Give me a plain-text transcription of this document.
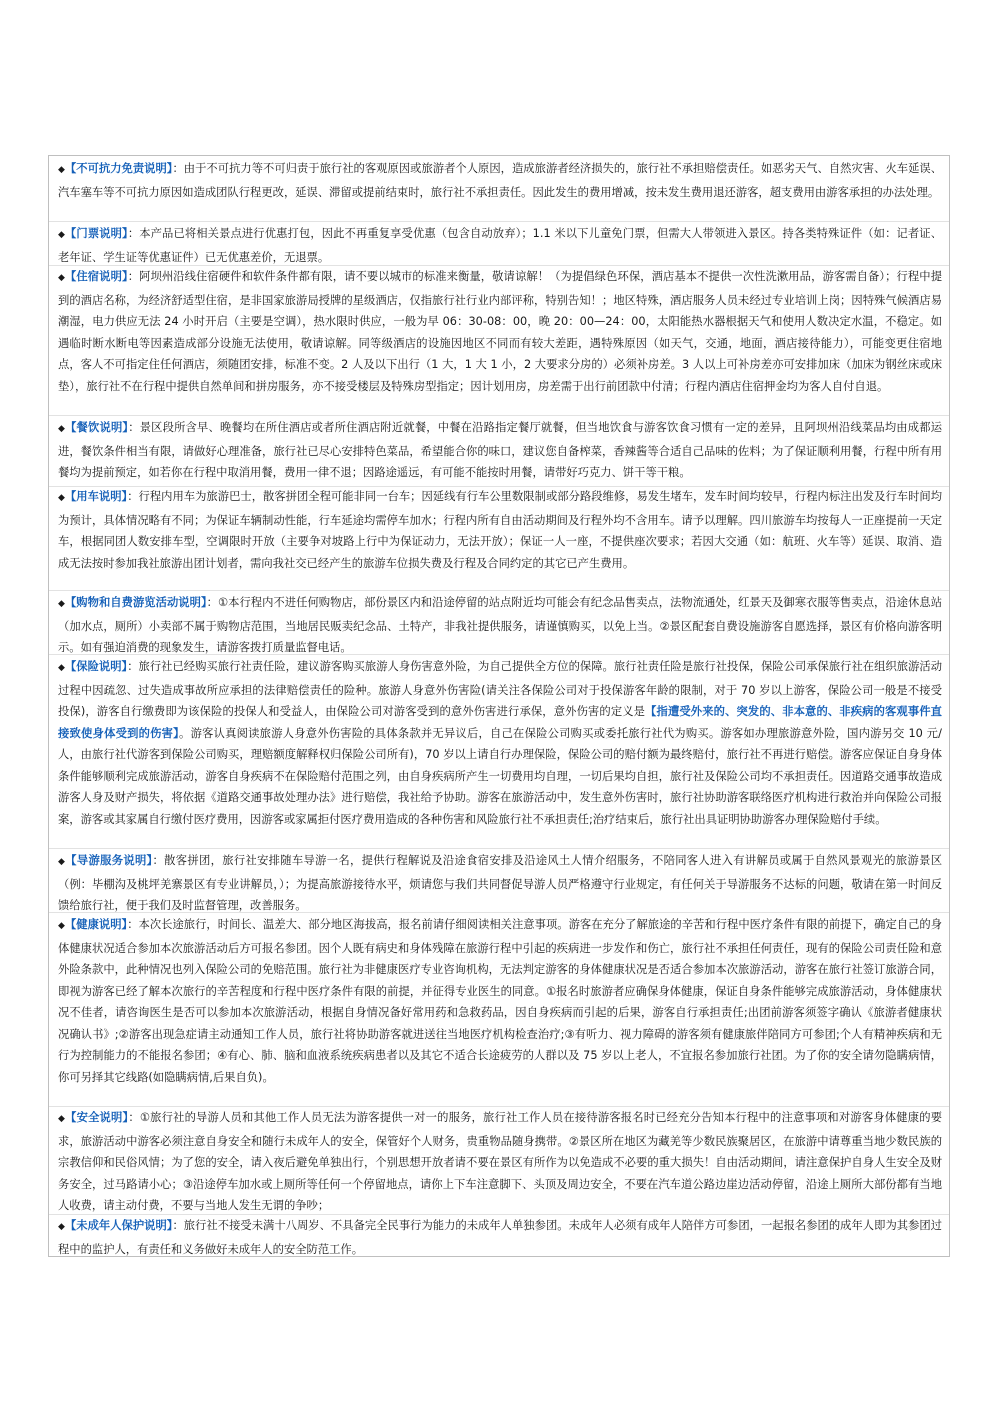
◆【不可抗力免责说明】：由于不可抗力等不可归责于旅行社的客观原因或旅游者个人原因，造成旅游者经济损失的，旅行社不承担赔偿责任。如恶劣天气、自然灾害、火车延误、汽车塞车等不可抗力原因如造成团队行程更改，延误、滞留或提前结束时，旅行社不承担责任。因此发生的费用增减，按未发生费用退还游客，超支费用由游客承担的办法处理。

◆【门票说明】：本产品已将相关景点进行优惠打包，因此不再重复享受优惠（包含自动放弃）；1.1 米以下儿童免门票，但需大人带领进入景区。持各类特殊证件（如：记者证、老年证、学生证等优惠证件）已无优惠差价，无退票。

◆【住宿说明】：阿坝州沿线住宿硬件和软件条件都有限，请不要以城市的标准来衡量，敬请谅解！（为提倡绿色环保，酒店基本不提供一次性洗漱用品，游客需自备）；行程中提到的酒店名称，为经济舒适型住宿，是非国家旅游局授牌的星级酒店，仅指旅行社行业内部评称，特别告知！；地区特殊，酒店服务人员未经过专业培训上岗；因特殊气候酒店易潮湿，电力供应无法 24 小时开启（主要是空调），热水限时供应，一般为早 06：30-08：00，晚 20：00—24：00，太阳能热水器根据天气和使用人数决定水温，不稳定。如遇临时断水断电等因素造成部分设施无法使用，敬请谅解。同等级酒店的设施因地区不同而有较大差距，遇特殊原因（如天气，交通，地面，酒店接待能力），可能变更住宿地点，客人不可指定住任何酒店，须随团安排，标准不变。2 人及以下出行（1 大，1 大 1 小，2 大要求分房的）必须补房差。3 人以上可补房差亦可安排加床（加床为钢丝床或床垫），旅行社不在行程中提供自然单间和拼房服务，亦不接受楼层及特殊房型指定；因计划用房，房差需于出行前团款中付清；行程内酒店住宿押金均为客人自付自退。

◆【餐饮说明】：景区段所含早、晚餐均在所住酒店或者所住酒店附近就餐，中餐在沿路指定餐厅就餐，但当地饮食与游客饮食习惯有一定的差异，且阿坝州沿线菜品均由成都运进，餐饮条件相当有限，请做好心理准备，旅行社已尽心安排特色菜品，希望能合你的味口，建议您自备榨菜，香辣酱等合适自己品味的佐料；为了保证顺利用餐，行程中所有用餐均为提前预定，如若你在行程中取消用餐，费用一律不退；因路途遥远，有可能不能按时用餐，请带好巧克力、饼干等干粮。

◆【用车说明】：行程内用车为旅游巴士，散客拼团全程可能非同一台车；因延线有行车公里数限制或部分路段维修，易发生堵车，发车时间均较早，行程内标注出发及行车时间均为预计，具体情况略有不同；为保证车辆制动性能，行车延途均需停车加水；行程内所有自由活动期间及行程外均不含用车。请予以理解。四川旅游车均按每人一正座提前一天定车，根据同团人数安排车型，空调限时开放（主要争对坡路上行中为保证动力，无法开放）；保证一人一座，不提供座次要求；若因大交通（如：航班、火车等）延误、取消、造成无法按时参加我社旅游出团计划者，需向我社交已经产生的旅游车位损失费及行程及合同约定的其它已产生费用。

◆【购物和自费游览活动说明】：①本行程内不进任何购物店，部份景区内和沿途停留的站点附近均可能会有纪念品售卖点，法物流通处，红景天及御寒衣服等售卖点，沿途休息站（加水点，厕所）小卖部不属于购物店范围，当地居民贩卖纪念品、土特产，非我社提供服务，请谨慎购买，以免上当。②景区配套自费设施游客自愿选择，景区有价格向游客明示。如有强迫消费的现象发生，请游客拨打质量监督电话。

◆【保险说明】：旅行社已经购买旅行社责任险，建议游客购买旅游人身伤害意外险，为自己提供全方位的保障。旅行社责任险是旅行社投保，保险公司承保旅行社在组织旅游活动过程中因疏忽、过失造成事故所应承担的法律赔偿责任的险种。旅游人身意外伤害险(请关注各保险公司对于投保游客年龄的限制，对于 70 岁以上游客，保险公司一般是不接受投保)，游客自行缴费即为该保险的投保人和受益人，由保险公司对游客受到的意外伤害进行承保，意外伤害的定义是【指遭受外来的、突发的、非本意的、非疾病的客观事件直接致使身体受到的伤害】。游客认真阅读旅游人身意外伤害险的具体条款并无异议后，自己在保险公司购买或委托旅行社代为购买。游客如办理旅游意外险，国内游另交 10 元/人，由旅行社代游客到保险公司购买，理赔额度解释权归保险公司所有)，70 岁以上请自行办理保险，保险公司的赔付额为最终赔付，旅行社不再进行赔偿。游客应保证自身身体条件能够顺利完成旅游活动，游客自身疾病不在保险赔付范围之列，由自身疾病所产生一切费用均自理，一切后果均自担，旅行社及保险公司均不承担责任。因道路交通事故造成游客人身及财产损失，将依据《道路交通事故处理办法》进行赔偿，我社给予协助。游客在旅游活动中，发生意外伤害时，旅行社协助游客联络医疗机构进行救治并向保险公司报案，游客或其家属自行缴付医疗费用，因游客或家属拒付医疗费用造成的各种伤害和风险旅行社不承担责任;治疗结束后，旅行社出具证明协助游客办理保险赔付手续。

◆【导游服务说明】：散客拼团，旅行社安排随车导游一名，提供行程解说及沿途食宿安排及沿途风土人情介绍服务，不陪同客人进入有讲解员或属于自然风景观光的旅游景区（例：毕棚沟及桃坪羌寨景区有专业讲解员，）；为提高旅游接待水平，烦请您与我们共同督促导游人员严格遵守行业规定，有任何关于导游服务不达标的问题，敬请在第一时间反馈给旅行社，便于我们及时监督管理，改善服务。

◆【健康说明】：本次长途旅行，时间长、温差大、部分地区海拔高，报名前请仔细阅读相关注意事项。游客在充分了解旅途的辛苦和行程中医疗条件有限的前提下，确定自己的身体健康状况适合参加本次旅游活动后方可报名参团。因个人既有病史和身体残障在旅游行程中引起的疾病进一步发作和伤亡，旅行社不承担任何责任，现有的保险公司责任险和意外险条款中，此种情况也列入保险公司的免赔范围。旅行社为非健康医疗专业咨询机构，无法判定游客的身体健康状况是否适合参加本次旅游活动，游客在旅行社签订旅游合同，即视为游客已经了解本次旅行的辛苦程度和行程中医疗条件有限的前提，并征得专业医生的同意。①报名时旅游者应确保身体健康，保证自身条件能够完成旅游活动，身体健康状况不佳者，请咨询医生是否可以参加本次旅游活动，根据自身情况备好常用药和急救药品，因自身疾病而引起的后果，游客自行承担责任;出团前游客须签字确认《旅游者健康状况确认书》;②游客出现急症请主动通知工作人员，旅行社将协助游客就进送往当地医疗机构检查治疗;③有听力、视力障碍的游客须有健康旅伴陪同方可参团;个人有精神疾病和无行为控制能力的不能报名参团；④有心、肺、脑和血液系统疾病患者以及其它不适合长途疲劳的人群以及 75 岁以上老人，不宜报名参加旅行社团。为了你的安全请勿隐瞒病情，你可另择其它线路(如隐瞒病情,后果自负)。

◆【安全说明】：①旅行社的导游人员和其他工作人员无法为游客提供一对一的服务，旅行社工作人员在接待游客报名时已经充分告知本行程中的注意事项和对游客身体健康的要求，旅游活动中游客必须注意自身安全和随行未成年人的安全，保管好个人财务，贵重物品随身携带。②景区所在地区为藏羌等少数民族聚居区，在旅游中请尊重当地少数民族的宗教信仰和民俗风情；为了您的安全，请入夜后避免单独出行，个别思想开放者请不要在景区有所作为以免造成不必要的重大损失！自由活动期间，请注意保护自身人生安全及财务安全，过马路请小心；③沿途停车加水或上厕所等任何一个停留地点，请你上下车注意脚下、头顶及周边安全，不要在汽车道公路边崖边活动停留，沿途上厕所大部份都有当地人收费，请主动付费，不要与当地人发生无谓的争吵；

◆【未成年人保护说明】：旅行社不接受未满十八周岁、不具备完全民事行为能力的未成年人单独参团。未成年人必须有成年人陪伴方可参团，一起报名参团的成年人即为其参团过程中的监护人，有责任和义务做好未成年人的安全防范工作。
